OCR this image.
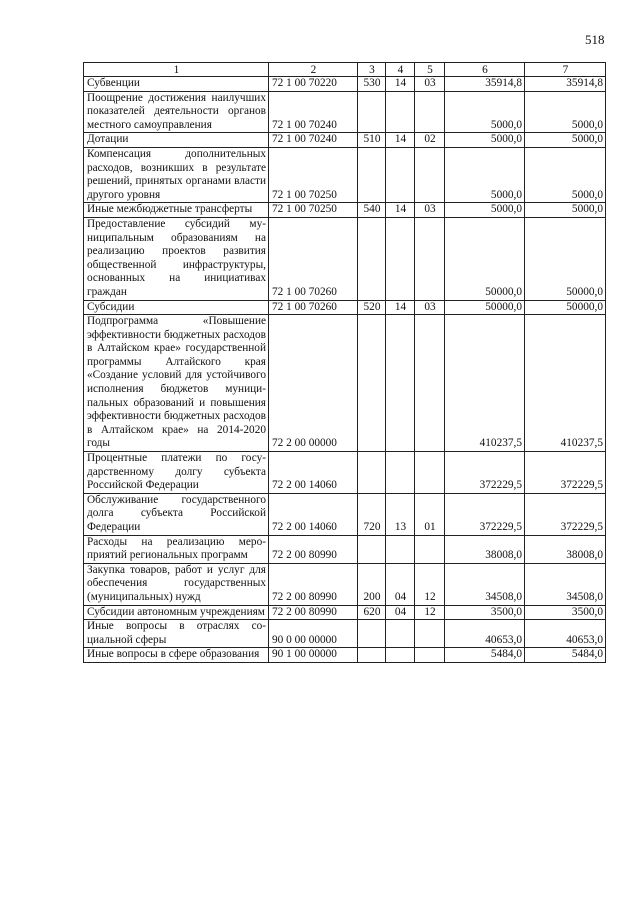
518
1	2	3	4	5	6	7
Субвенции	72 1 00 70220	530	14	03	35914,8	35914,8
Поощрение достижения наилучших показателей деятельности органов местного самоуправления	72 1 00 70240				5000,0	5000,0
Дотации	72 1 00 70240	510	14	02	5000,0	5000,0
Компенсация дополнительных расходов, возникших в результате решений, принятых органами власти другого уровня	72 1 00 70250				5000,0	5000,0
Иные межбюджетные трансферты	72 1 00 70250	540	14	03	5000,0	5000,0
Предоставление субсидий муниципальным образованиям на реализацию проектов развития общественной инфраструктуры, основанных на инициативах граждан	72 1 00 70260				50000,0	50000,0
Субсидии	72 1 00 70260	520	14	03	50000,0	50000,0
Подпрограмма «Повышение эффективности бюджетных расходов в Алтайском крае» государственной программы Алтайского края «Создание условий для устойчивого исполнения бюджетов муниципальных образований и повышения эффективности бюджетных расходов в Алтайском крае» на 2014-2020 годы	72 2 00 00000				410237,5	410237,5
Процентные платежи по государственному долгу субъекта Российской Федерации	72 2 00 14060				372229,5	372229,5
Обслуживание государственного долга субъекта Российской Федерации	72 2 00 14060	720	13	01	372229,5	372229,5
Расходы на реализацию мероприятий региональных программ	72 2 00 80990				38008,0	38008,0
Закупка товаров, работ и услуг для обеспечения государственных (муниципальных) нужд	72 2 00 80990	200	04	12	34508,0	34508,0
Субсидии автономным учреждениям	72 2 00 80990	620	04	12	3500,0	3500,0
Иные вопросы в отраслях социальной сферы	90 0 00 00000				40653,0	40653,0
Иные вопросы в сфере образования	90 1 00 00000				5484,0	5484,0
